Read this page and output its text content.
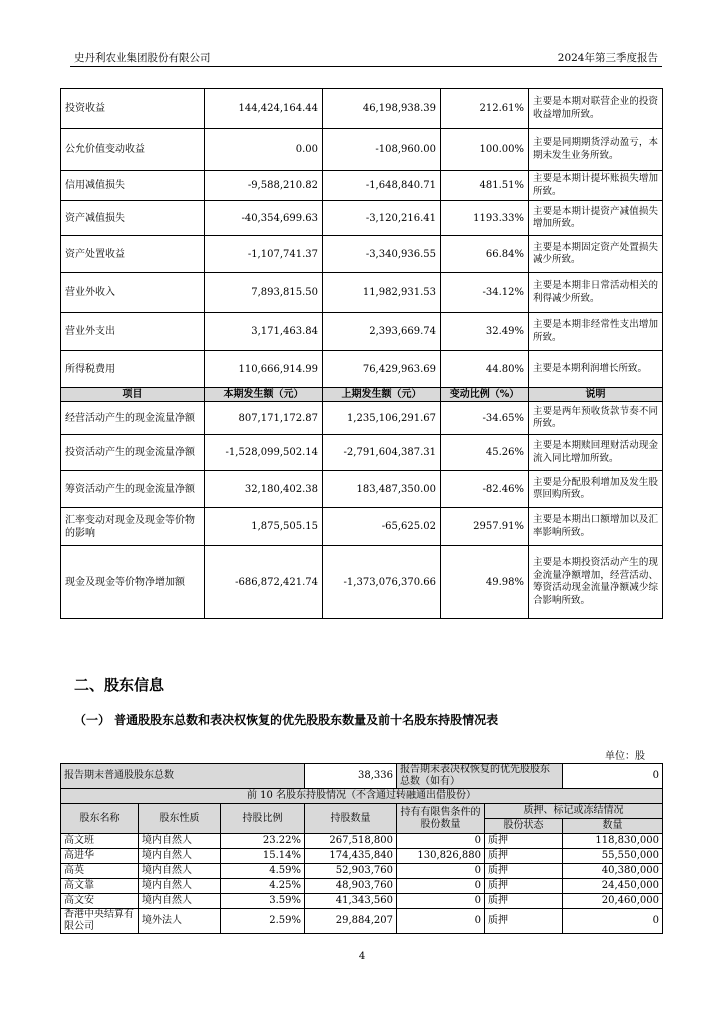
史丹利农业集团股份有限公司	2024年第三季度报告
投资收益	144,424,164.44	46,198,938.39	212.61%	主要是本期对联营企业的投资收益增加所致。
公允价值变动收益	0.00	-108,960.00	100.00%	主要是同期期货浮动盈亏，本期未发生业务所致。
信用减值损失	-9,588,210.82	-1,648,840.71	481.51%	主要是本期计提坏账损失增加所致。
资产减值损失	-40,354,699.63	-3,120,216.41	1193.33%	主要是本期计提资产减值损失增加所致。
资产处置收益	-1,107,741.37	-3,340,936.55	66.84%	主要是本期固定资产处置损失减少所致。
营业外收入	7,893,815.50	11,982,931.53	-34.12%	主要是本期非日常活动相关的利得减少所致。
营业外支出	3,171,463.84	2,393,669.74	32.49%	主要是本期非经常性支出增加所致。
所得税费用	110,666,914.99	76,429,963.69	44.80%	主要是本期利润增长所致。
项目	本期发生额（元）	上期发生额（元）	变动比例（%）	说明
经营活动产生的现金流量净额	807,171,172.87	1,235,106,291.67	-34.65%	主要是两年预收货款节奏不同所致。
投资活动产生的现金流量净额	-1,528,099,502.14	-2,791,604,387.31	45.26%	主要是本期赎回理财活动现金流入同比增加所致。
筹资活动产生的现金流量净额	32,180,402.38	183,487,350.00	-82.46%	主要是分配股利增加及发生股票回购所致。
汇率变动对现金及现金等价物的影响	1,875,505.15	-65,625.02	2957.91%	主要是本期出口额增加以及汇率影响所致。
现金及现金等价物净增加额	-686,872,421.74	-1,373,076,370.66	49.98%	主要是本期投资活动产生的现金流量净额增加，经营活动、筹资活动现金流量净额减少综合影响所致。
二、股东信息
（一） 普通股股东总数和表决权恢复的优先股股东数量及前十名股东持股情况表
单位：股
报告期末普通股股东总数			38,336	报告期末表决权恢复的优先股股东总数（如有）		0
前 10 名股东持股情况（不含通过转融通出借股份）						
股东名称	股东性质	持股比例	持股数量	持有有限售条件的股份数量	质押、标记或冻结情况	
					股份状态	数量
高文班	境内自然人	23.22%	267,518,800	0	质押	118,830,000
高进华	境内自然人	15.14%	174,435,840	130,826,880	质押	55,550,000
高英	境内自然人	4.59%	52,903,760	0	质押	40,380,000
高文靠	境内自然人	4.25%	48,903,760	0	质押	24,450,000
高文安	境内自然人	3.59%	41,343,560	0	质押	20,460,000
香港中央结算有限公司	境外法人	2.59%	29,884,207	0	质押	0
4
